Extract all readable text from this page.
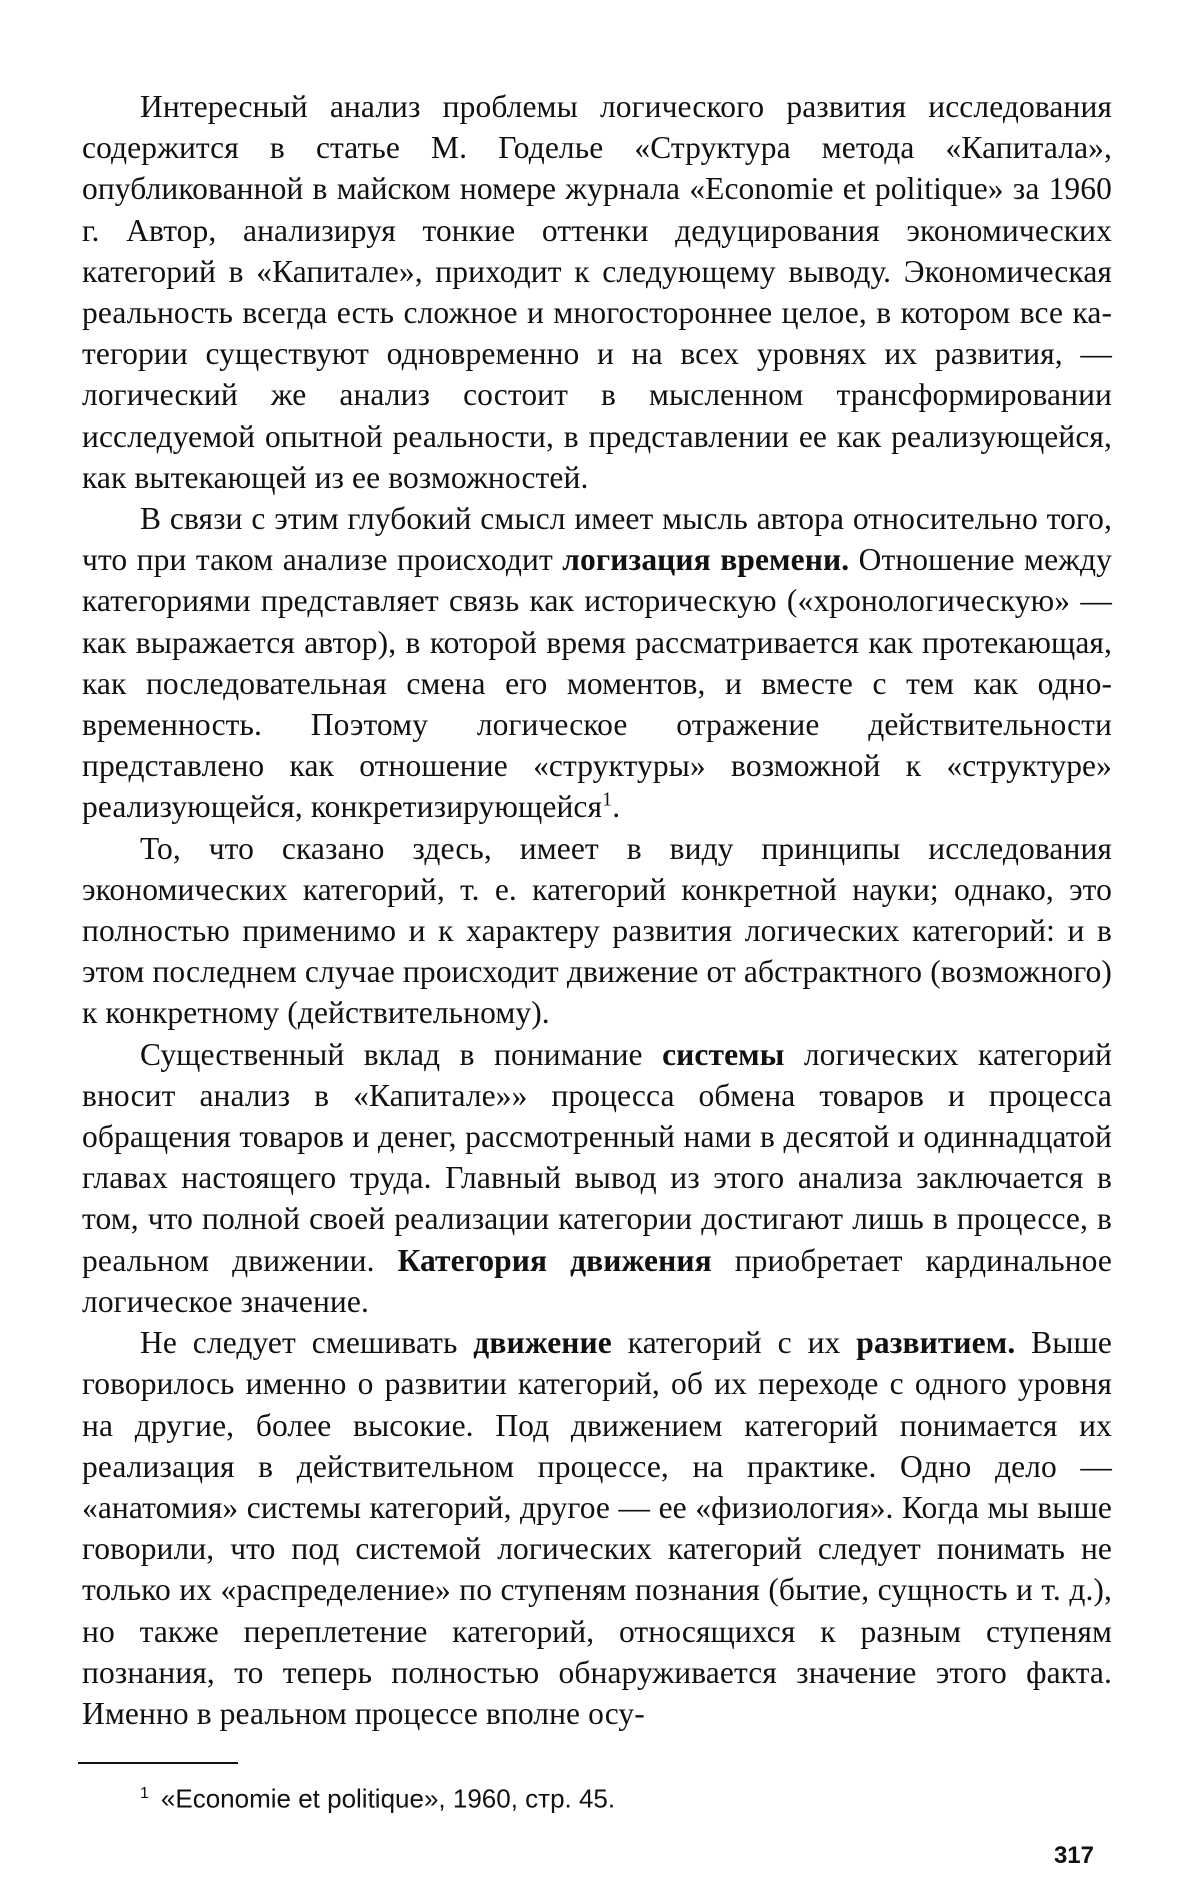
Интересный анализ проблемы логического развития исследования содержится в статье М. Годелье «Структура метода «Капитала», опубликованной в майском номере журнала «Economie et politique» за 1960 г. Автор, анализируя тонкие оттенки дедуцирования экономических категорий в «Капитале», приходит к следующему выводу. Экономическая реальность всегда есть сложное и многостороннее целое, в котором все категории существуют одновременно и на всех уровнях их развития, — логический же анализ состоит в мысленном трансформировании исследуемой опытной реальности, в представлении ее как реализующейся, как вытекающей из ее возможностей.

В связи с этим глубокий смысл имеет мысль автора относительно того, что при таком анализе происходит логизация времени. Отношение между категориями представляет связь как историческую («хронологическую» — как выражается автор), в которой время рассматривается как протекающая, как последовательная смена его моментов, и вместе с тем как одновременность. Поэтому логическое отражение действительности представлено как отношение «структуры» возможной к «структуре» реализующейся, конкретизирующейся$^1$.

То, что сказано здесь, имеет в виду принципы исследования экономических категорий, т. е. категорий конкретной науки; однако, это полностью применимо и к характеру развития логических категорий: и в этом последнем случае происходит движение от абстрактного (возможного) к конкретному (действительному).

Существенный вклад в понимание системы логических категорий вносит анализ в «Капитале»» процесса обмена товаров и процесса обращения товаров и денег, рассмотренный нами в десятой и одиннадцатой главах настоящего труда. Главный вывод из этого анализа заключается в том, что полной своей реализации категории достигают лишь в процессе, в реальном движении. Категория движения приобретает кардинальное логическое значение.

Не следует смешивать движение категорий с их развитием. Выше говорилось именно о развитии категорий, об их переходе с одного уровня на другие, более высокие. Под движением категорий понимается их реализация в действительном процессе, на практике. Одно дело — «анатомия» системы категорий, другое — ее «физиология». Когда мы выше говорили, что под системой логических категорий следует понимать не только их «распределение» по ступеням познания (бытие, сущность и т. д.), но также переплетение категорий, относящихся к разным ступеням познания, то теперь полностью обнаруживается значение этого факта. Именно в реальном процессе вполне осу-

$^1$ «Economie et politique», 1960, стр. 45.
317
